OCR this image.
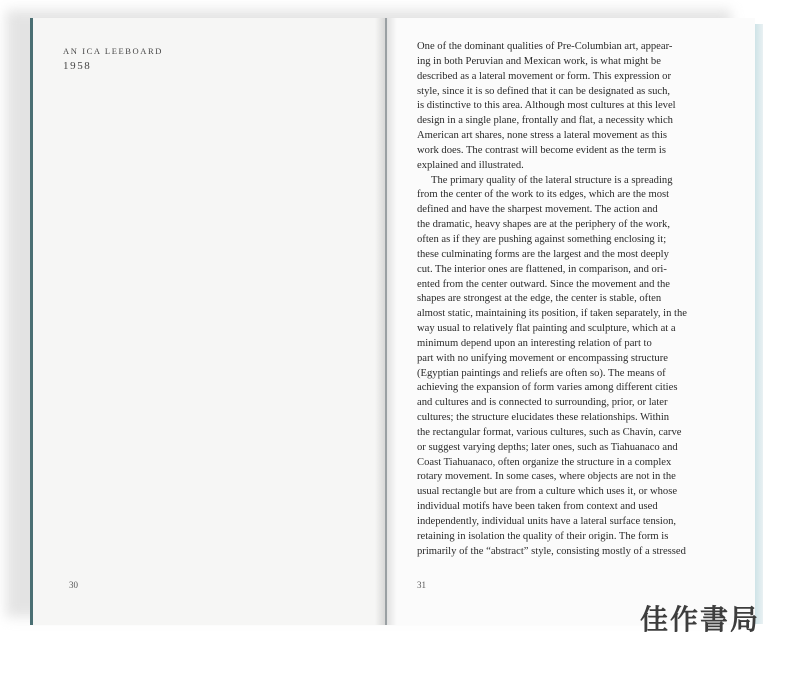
AN ICA LEEBOARD
1958
30
One of the dominant qualities of Pre-Columbian art, appear-
ing in both Peruvian and Mexican work, is what might be
described as a lateral movement or form. This expression or
style, since it is so defined that it can be designated as such,
is distinctive to this area. Although most cultures at this level
design in a single plane, frontally and flat, a necessity which
American art shares, none stress a lateral movement as this
work does. The contrast will become evident as the term is
explained and illustrated.
The primary quality of the lateral structure is a spreading
from the center of the work to its edges, which are the most
defined and have the sharpest movement. The action and
the dramatic, heavy shapes are at the periphery of the work,
often as if they are pushing against something enclosing it;
these culminating forms are the largest and the most deeply
cut. The interior ones are flattened, in comparison, and ori-
ented from the center outward. Since the movement and the
shapes are strongest at the edge, the center is stable, often
almost static, maintaining its position, if taken separately, in the
way usual to relatively flat painting and sculpture, which at a
minimum depend upon an interesting relation of part to
part with no unifying movement or encompassing structure
(Egyptian paintings and reliefs are often so). The means of
achieving the expansion of form varies among different cities
and cultures and is connected to surrounding, prior, or later
cultures; the structure elucidates these relationships. Within
the rectangular format, various cultures, such as Chavín, carve
or suggest varying depths; later ones, such as Tiahuanaco and
Coast Tiahuanaco, often organize the structure in a complex
rotary movement. In some cases, where objects are not in the
usual rectangle but are from a culture which uses it, or whose
individual motifs have been taken from context and used
independently, individual units have a lateral surface tension,
retaining in isolation the quality of their origin. The form is
primarily of the “abstract” style, consisting mostly of a stressed
31
佳作書局
